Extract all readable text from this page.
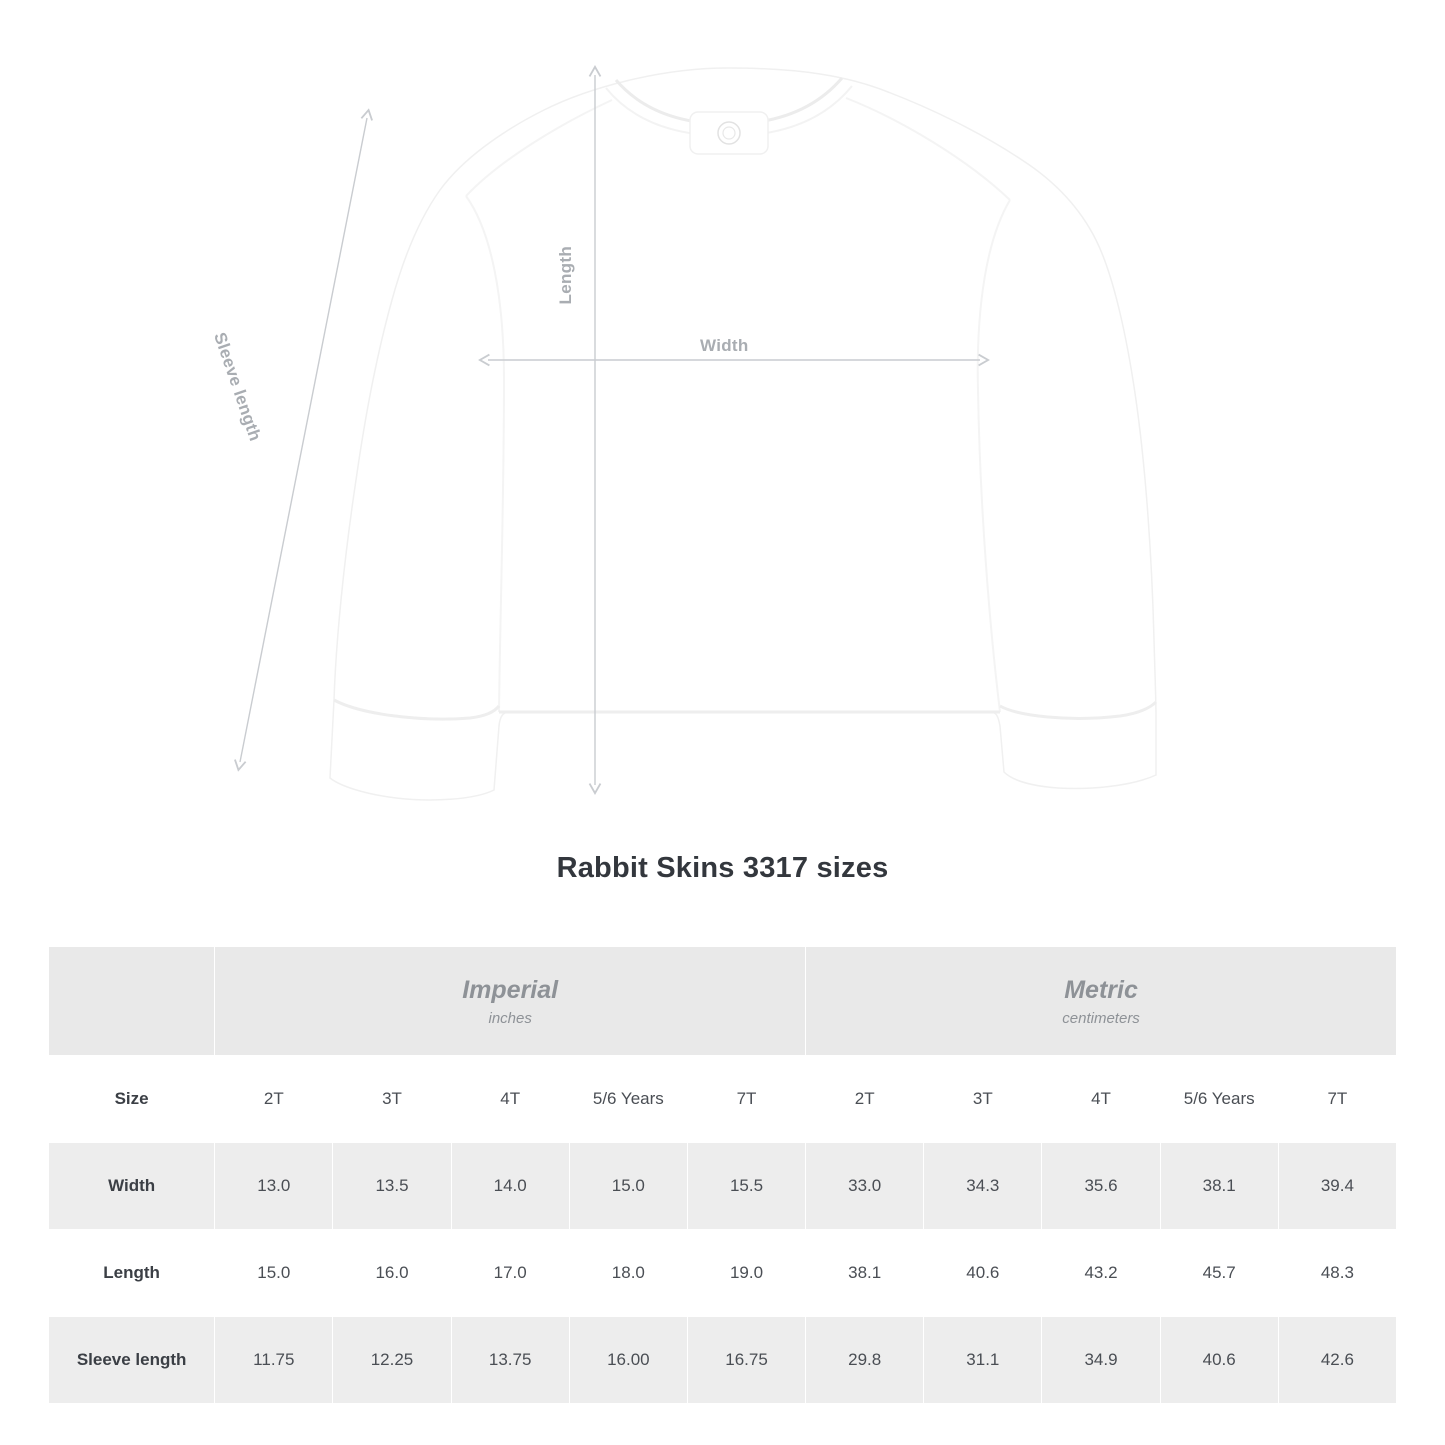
Length
Width
Sleeve length
Rabbit Skins 3317 sizes

Imperial
inches

Metric
centimeters

Size	2T	3T	4T	5/6 Years	7T	2T	3T	4T	5/6 Years	7T
Width	13.0	13.5	14.0	15.0	15.5	33.0	34.3	35.6	38.1	39.4
Length	15.0	16.0	17.0	18.0	19.0	38.1	40.6	43.2	45.7	48.3
Sleeve length	11.75	12.25	13.75	16.00	16.75	29.8	31.1	34.9	40.6	42.6
